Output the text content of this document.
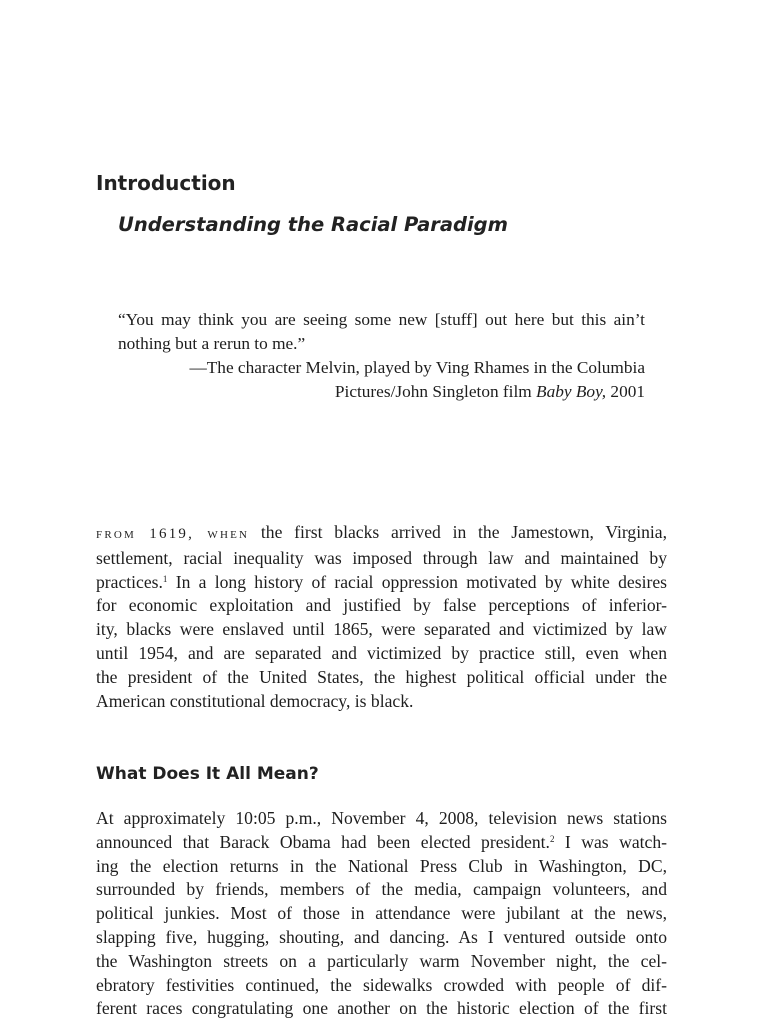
Introduction
Understanding the Racial Paradigm

“You may think you are seeing some new [stuff] out here but this ain’t
nothing but a rerun to me.”

—The character Melvin, played by Ving Rhames in the Columbia
Pictures/John Singleton film Baby Boy, 2001

from 1619, when the first blacks arrived in the Jamestown, Virginia,
settlement, racial inequality was imposed through law and maintained by
practices.$^1$ In a long history of racial oppression motivated by white desires
for economic exploitation and justified by false perceptions of inferior-
ity, blacks were enslaved until 1865, were separated and victimized by law
until 1954, and are separated and victimized by practice still, even when
the president of the United States, the highest political official under the
American constitutional democracy, is black.

What Does It All Mean?

At approximately 10:05 p.m., November 4, 2008, television news stations
announced that Barack Obama had been elected president.$^2$ I was watch-
ing the election returns in the National Press Club in Washington, DC,
surrounded by friends, members of the media, campaign volunteers, and
political junkies. Most of those in attendance were jubilant at the news,
slapping five, hugging, shouting, and dancing. As I ventured outside onto
the Washington streets on a particularly warm November night, the cel-
ebratory festivities continued, the sidewalks crowded with people of dif-
ferent races congratulating one another on the historic election of the first
